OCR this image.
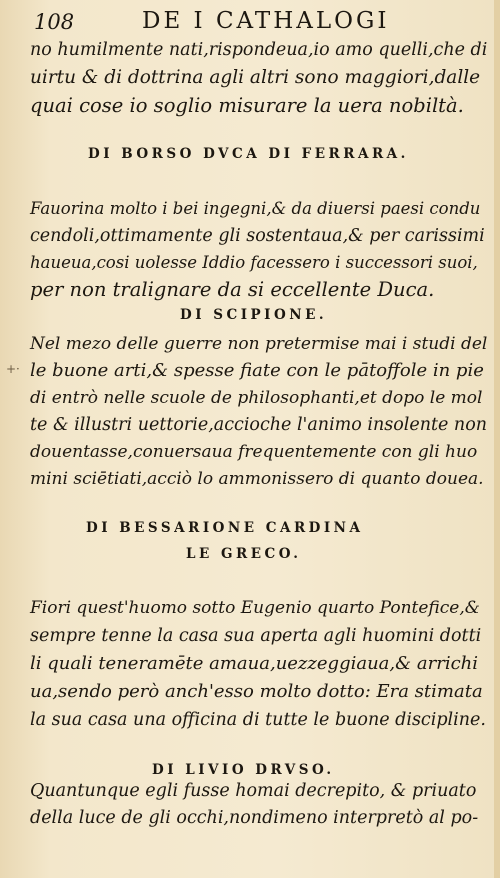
108	DE I CATHALOGI
no humilmente nati,rispondeua,io amo quelli,che di
uirtu & di dottrina agli altri sono maggiori,dalle
quai cose io soglio misurare la uera nobiltà.
DI BORSO DVCA DI FERRARA.
Fauorina molto i bei ingegni,& da diuersi paesi condu
cendoli,ottimamente gli sostentaua,& per carissimi
haueua,cosi uolesse Iddio facessero i successori suoi,
per non tralignare da si eccellente Duca.
DI SCIPIONE.
Nel mezo delle guerre non pretermise mai i studi del
le buone arti,& spesse fiate con le pātoffole in pie
di entrò nelle scuole de philosophanti,et dopo le mol
te & illustri uettorie,accioche l'animo insolente non
douentasse,conuersaua frequentemente con gli huo
mini sciētiati,acciò lo ammonissero di quanto douea.
DI BESSARIONE CARDINA
LE GRECO.
Fiori quest'huomo sotto Eugenio quarto Pontefice,&
sempre tenne la casa sua aperta agli huomini dotti
li quali teneramēte amaua,uezzeggiaua,& arrichi
ua,sendo però anch'esso molto dotto: Era stimata
la sua casa una officina di tutte le buone discipline.
DI LIVIO DRVSO.
Quantunque egli fusse homai decrepito, & priuato
della luce de gli occhi,nondimeno interpretò al po-
+·
